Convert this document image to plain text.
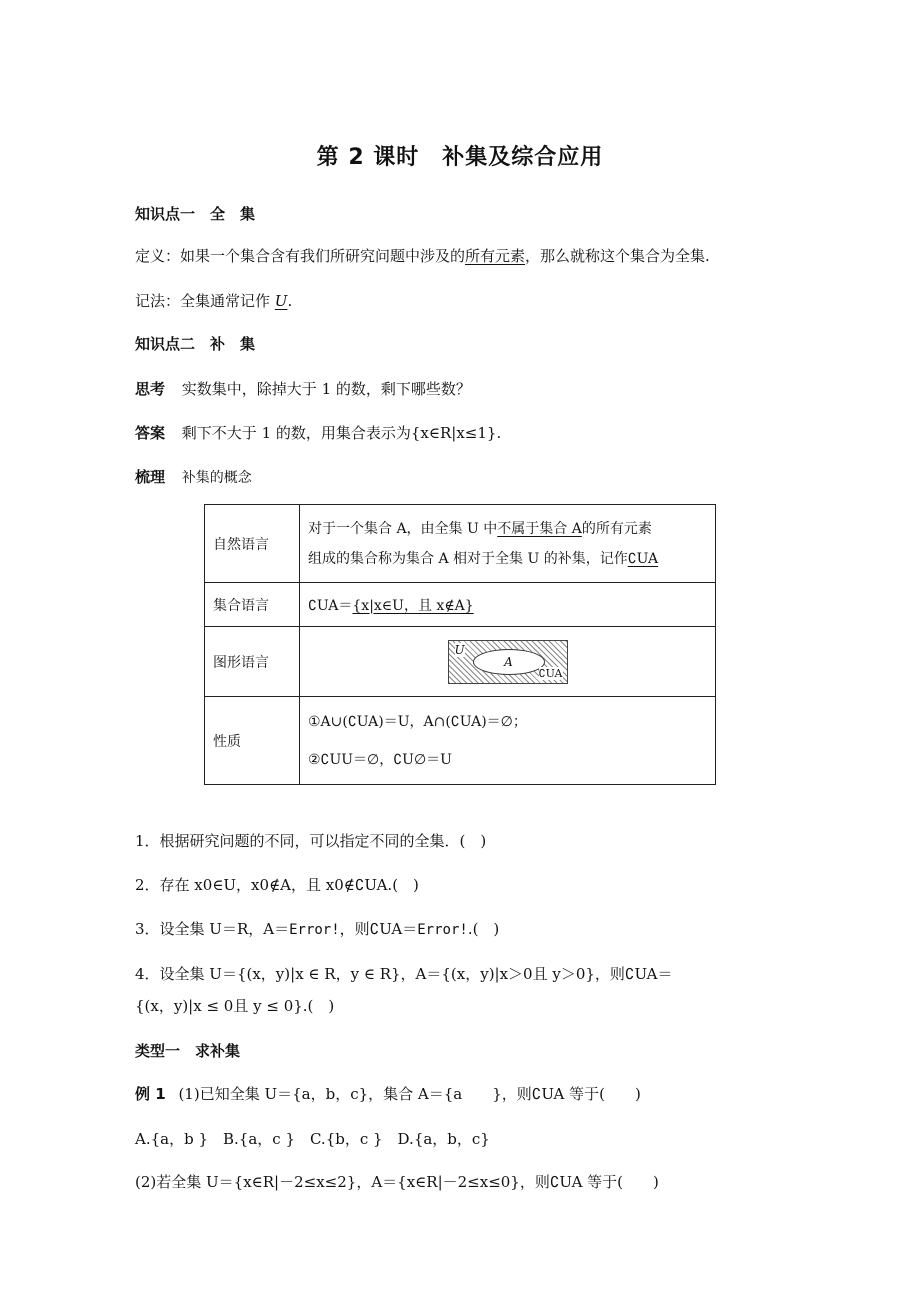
第 2 课时　补集及综合应用
知识点一　全　集
定义：如果一个集合含有我们所研究问题中涉及的所有元素，那么就称这个集合为全集.
记法：全集通常记作 U.
知识点二　补　集
思考 实数集中，除掉大于 1 的数，剩下哪些数？
答案 剩下不大于 1 的数，用集合表示为{x∈R|x≤1}.
梳理 补集的概念
自然语言	对于一个集合 A，由全集 U 中不属于集合 A的所有元素
组成的集合称为集合 A 相对于全集 U 的补集，记作∁UA

集合语言	∁UA＝{x|x∈U，且 x∉A}
图形语言	U
A
∁UA

性质	①A∪(∁UA)＝U，A∩(∁UA)＝∅；
②∁UU＝∅，∁U∅＝U
1．根据研究问题的不同，可以指定不同的全集．(　)
2．存在 x0∈U，x0∉A，且 x0∉∁UA.(　)
3．设全集 U＝R，A＝Error!，则∁UA＝Error!.(　)
4．设全集 U＝{(x，y)|x ∈ R，y ∈ R}，A＝{(x，y)|x＞0且 y＞0}，则∁UA＝
{(x，y)|x ≤ 0且 y ≤ 0}.(　)
类型一　求补集
例 1 (1)已知全集 U＝{a，b，c}，集合 A＝{a　　}，则∁UA 等于(　　)
A.{a，b }　B.{a，c }　C.{b，c }　D.{a，b，c}
(2)若全集 U＝{x∈R|－2≤x≤2}，A＝{x∈R|－2≤x≤0}，则∁UA 等于(　　)
